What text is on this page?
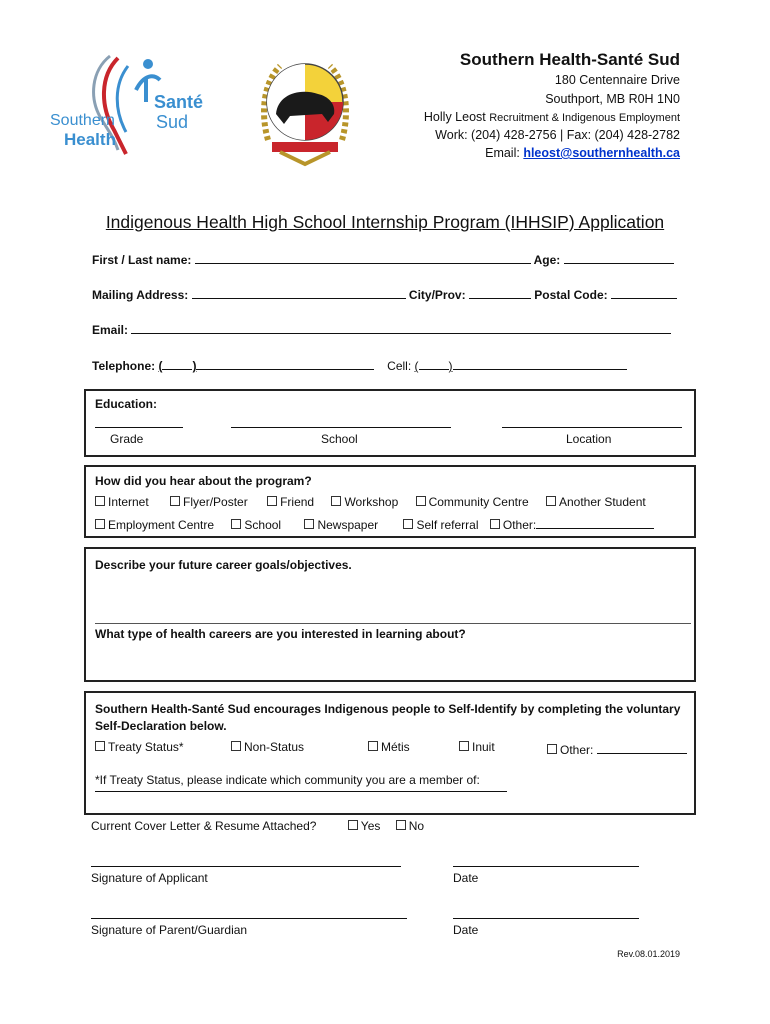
Southern
Health
Santé
Sud
Southern Health-Santé Sud
180 Centennaire Drive
Southport, MB R0H 1N0
Holly Leost Recruitment & Indigenous Employment
Work: (204) 428-2756 | Fax: (204) 428-2782
Email: hleost@southernhealth.ca
Indigenous Health High School Internship Program (IHHSIP) Application
First / Last name:	Age:
Mailing Address:	City/Prov:	Postal Code:
Email:
Telephone: (	)	Cell: (	)
Education:
Grade	School	Location
How did you hear about the program?
Internet	Flyer/Poster	Friend	Workshop	Community Centre	Another Student
Employment Centre	School	Newspaper	Self referral Other:
Describe your future career goals/objectives.
What type of health careers are you interested in learning about?
Southern Health-Santé Sud encourages Indigenous people to Self-Identify by completing the voluntary Self-Declaration below.
Treaty Status*	Non-Status	Métis	Inuit	Other:
*If Treaty Status, please indicate which community you are a member of:
Current Cover Letter & Resume Attached?	Yes No
Signature of Applicant	Date
Signature of Parent/Guardian	Date
Rev.08.01.2019
